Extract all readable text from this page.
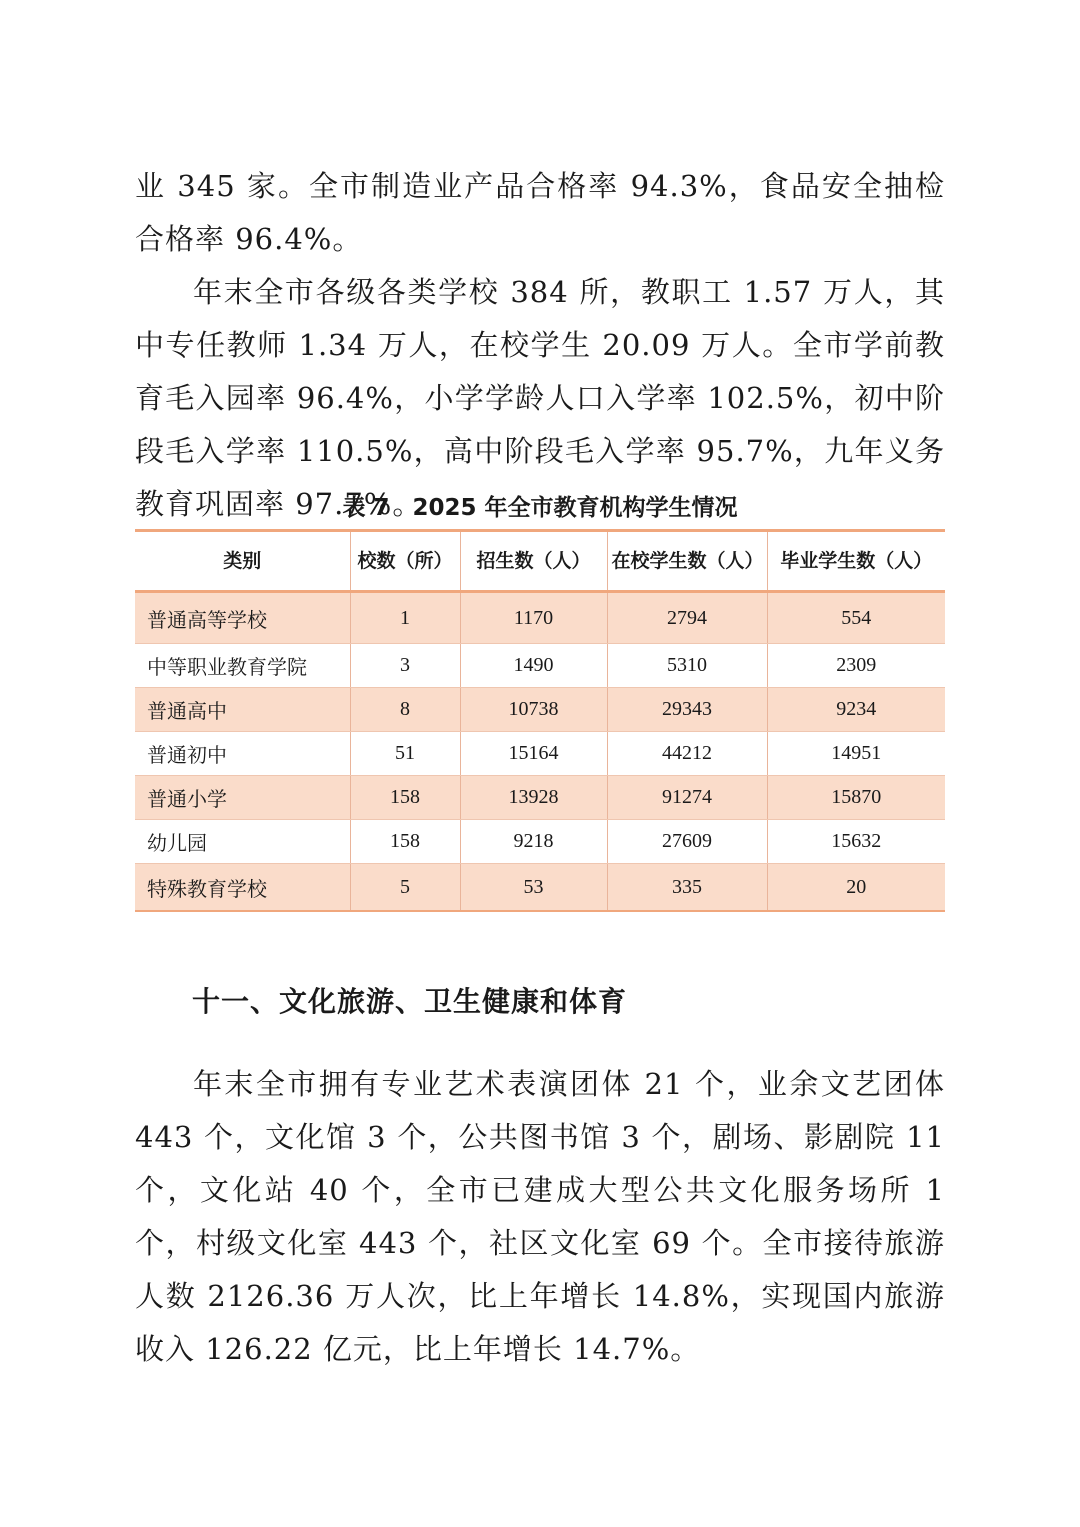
业 345 家。全市制造业产品合格率 94.3%，食品安全抽检合格率 96.4%。

年末全市各级各类学校 384 所，教职工 1.57 万人，其中专任教师 1.34 万人，在校学生 20.09 万人。全市学前教育毛入园率 96.4%，小学学龄人口入学率 102.5%，初中阶段毛入学率 110.5%，高中阶段毛入学率 95.7%，九年义务教育巩固率 97.7%。

表 7　2025 年全市教育机构学生情况
类别	校数（所）	招生数（人）	在校学生数（人）	毕业学生数（人）
普通高等学校	1	1170	2794	554
中等职业教育学院	3	1490	5310	2309
普通高中	8	10738	29343	9234
普通初中	51	15164	44212	14951
普通小学	158	13928	91274	15870
幼儿园	158	9218	27609	15632
特殊教育学校	5	53	335	20
十一、文化旅游、卫生健康和体育

年末全市拥有专业艺术表演团体 21 个，业余文艺团体 443 个，文化馆 3 个，公共图书馆 3 个，剧场、影剧院 11 个，文化站 40 个，全市已建成大型公共文化服务场所 1 个，村级文化室 443 个，社区文化室 69 个。全市接待旅游人数 2126.36 万人次，比上年增长 14.8%，实现国内旅游收入 126.22 亿元，比上年增长 14.7%。
